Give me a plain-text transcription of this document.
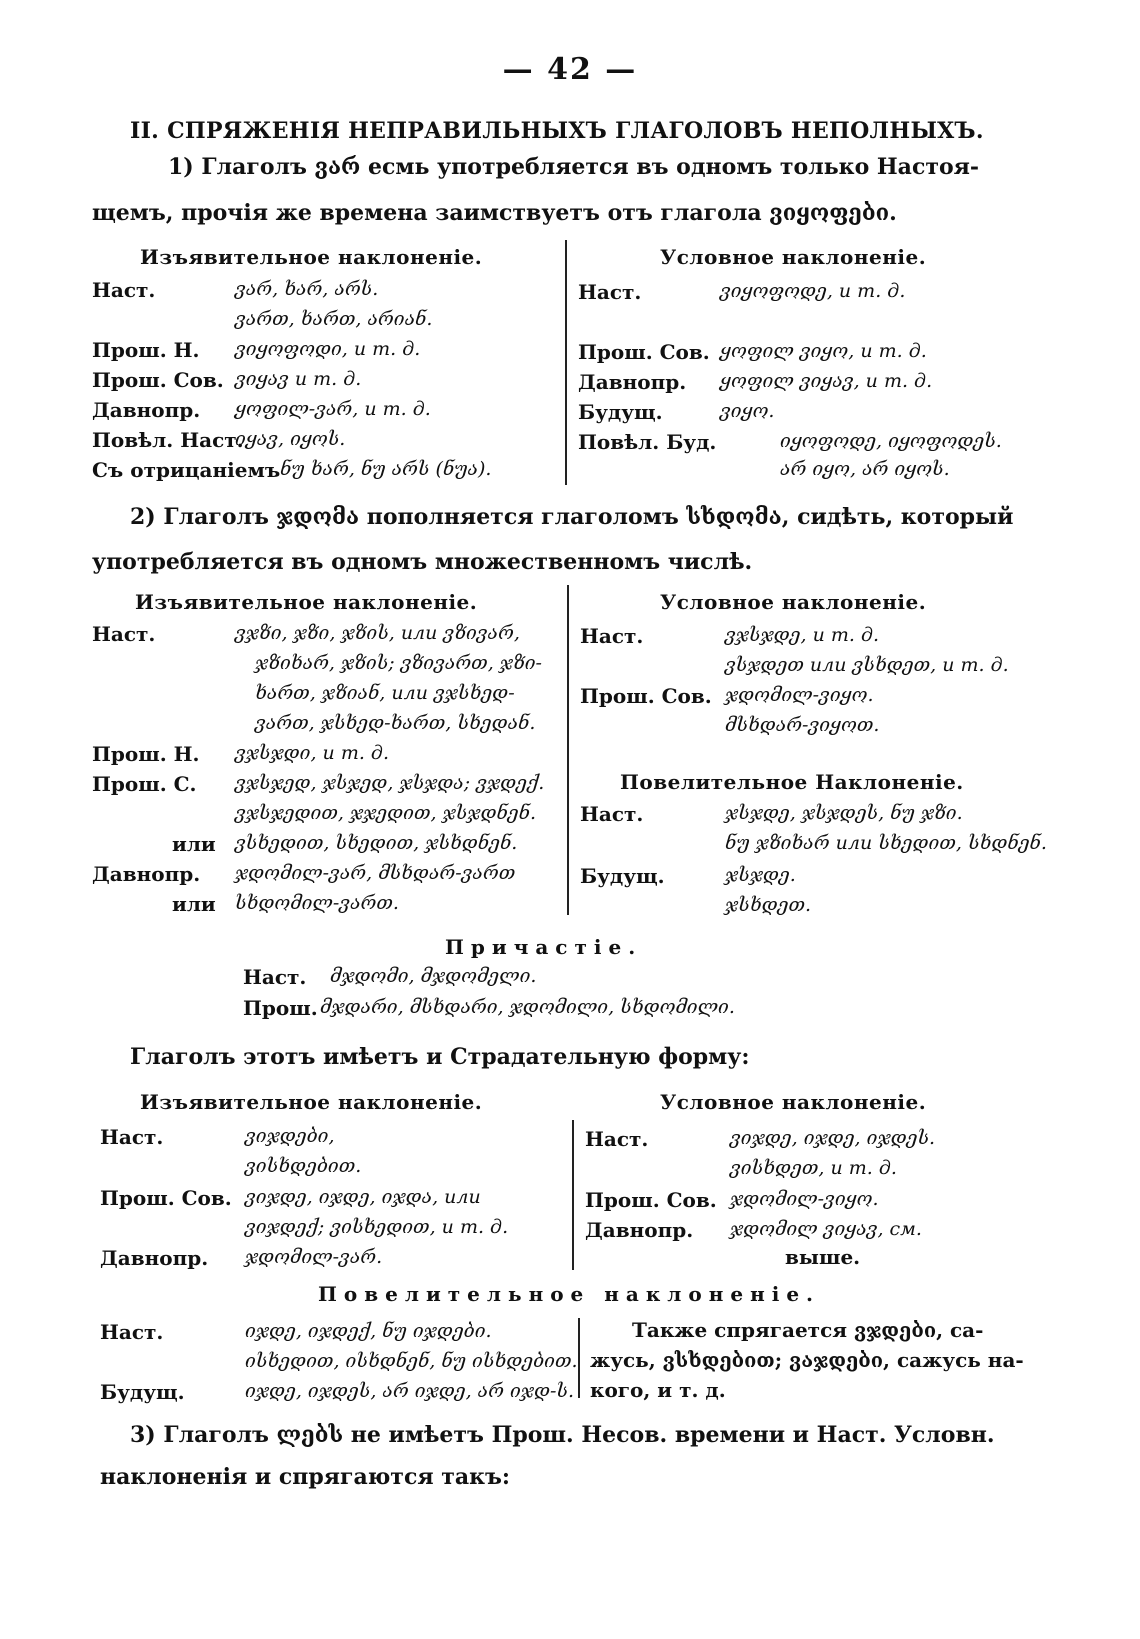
— 42 —
II. СПРЯЖЕНІЯ НЕПРАВИЛЬНЫХЪ ГЛАГОЛОВЪ НЕПОЛНЫХЪ.
1) Глаголъ ვარ есмь употребляется въ одномъ только Настоя-
щемъ, прочія же времена заимствуетъ отъ глагола ვიყოფები.
Изъявительное наклоненіе.	Условное наклоненіе.
Наст.	ვარ, ხარ, არს.
ვართ, ხართ, არიან.
Прош. Н. ვიყოფოდი, и т. д.
Прош. Сов. ვიყავ и т. д.
Давнопр. ყოფილ-ვარ, и т. д.
Повѣл. Наст.
იყავ, იყოს.
Съ отрицаніемъ ნუ ხარ, ნუ არს (ნუა).
Наст.	ვიყოფოდე, и т. д.
Прош. Сов. ყოფილ ვიყო, и т. д.
Давнопр. ყოფილ ვიყავ, и т. д.
Будущ.	ვიყო.
Повѣл. Буд.	იყოფოდე, იყოფოდეს.
არ იყო, არ იყოს.
2) Глаголъ ჯდომა пополняется глаголомъ სხდომა, сидѣть, который
употребляется въ одномъ множественномъ числѣ.
Изъявительное наклоненіе.	Условное наклоненіе.
Наст.	ვჯზი, ჯზი, ჯზის, или ვზივარ,
ჯზიხარ, ჯზის; ვზივართ, ჯზი-
ხართ, ჯზიან, или ვჯსხედ-
ვართ, ჯსხედ-ხართ, სხედან.
Прош. Н. ვჯსჯდი, и т. д.
Прош. С. ვჯსჯედ, ჯსჯედ, ჯსჯდა; ვჯდექ.
ვჯსჯედით, ჯჯედით, ჯსჯდნენ.
или ვსხედით, სხედით, ჯსხდნენ.
Давнопр. ჯდომილ-ვარ, მსხდარ-ვართ
или სხდომილ-ვართ.
Наст.	ვჯსჯდე, и т. д.
ვსჯდეთ или ვსხდეთ, и т. д.
Прош. Сов. ჯდომილ-ვიყო.
მსხდარ-ვიყოთ.
Повелительное Наклоненіе.
Наст.	ჯსჯდე, ჯსჯდეს, ნუ ჯზი.
ნუ ჯზიხარ или სხედით, სხდნენ.
Будущ.	ჯსჯდე.
ჯსხდეთ.
Причастіе.
Наст. მჯდომი, მჯდომელი.
Прош. მჯდარი, მსხდარი, ჯდომილი, სხდომილი.
Глаголъ этотъ имѣетъ и Страдательную форму:
Изъявительное наклоненіе.	Условное наклоненіе.
Наст.	ვიჯდები,
ვისხდებით.
Прош. Сов. ვიჯდე, იჯდე, იჯდა, или
ვიჯდექ; ვისხედით, и т. д.
Давнопр. ჯდომილ-ვარ.
Наст.	ვიჯდე, იჯდე, იჯდეს.
ვისხდეთ, и т. д.
Прош. Сов. ჯდომილ-ვიყო.
Давнопр. ჯდომილ ვიყავ, см.
выше.
Повелительное наклоненіе.
Наст.	იჯდე, იჯდექ, ნუ იჯდები.
ისხედით, ისხდნენ, ნუ ისხდებით.
Будущ.	იჯდე, იჯდეს, არ იჯდე, არ იჯდ-ს.
Также спрягается ვჯდები, са-
жусь, ვსხდებით; ვაჯდები, сажусь на-
кого, и т. д.
3) Глаголъ ლებს не имѣетъ Прош. Несов. времени и Наст. Условн.
наклоненія и спрягаются такъ:
